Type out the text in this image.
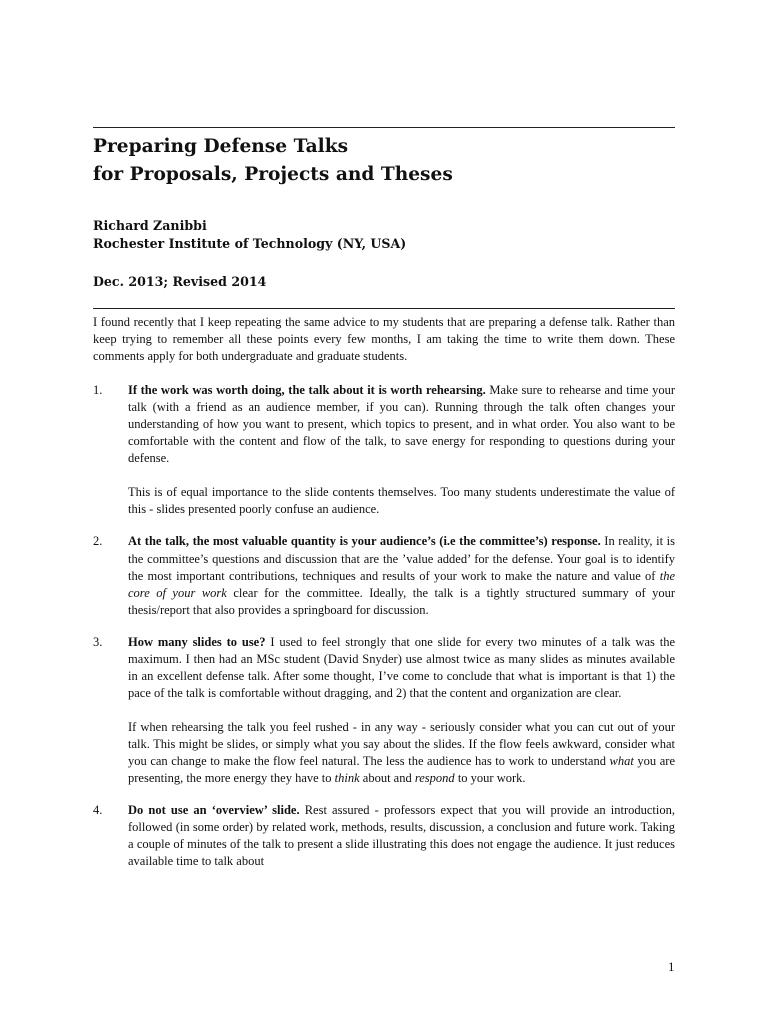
Preparing Defense Talks
for Proposals, Projects and Theses
Richard Zanibbi
Rochester Institute of Technology (NY, USA)
Dec. 2013; Revised 2014

I found recently that I keep repeating the same advice to my students that are preparing a defense talk. Rather than keep trying to remember all these points every few months, I am taking the time to write them down. These comments apply for both undergraduate and graduate students.

1.	If the work was worth doing, the talk about it is worth rehearsing. Make sure to rehearse and time your talk (with a friend as an audience member, if you can). Running through the talk often changes your understanding of how you want to present, which topics to present, and in what order. You also want to be comfortable with the content and flow of the talk, to save energy for responding to questions during your defense.

This is of equal importance to the slide contents themselves. Too many students underestimate the value of this - slides presented poorly confuse an audience.

2.	At the talk, the most valuable quantity is your audience’s (i.e the committee’s) response. In reality, it is the committee’s questions and discussion that are the ’value added’ for the defense. Your goal is to identify the most important contributions, techniques and results of your work to make the nature and value of the core of your work clear for the committee. Ideally, the talk is a tightly structured summary of your thesis/report that also provides a springboard for discussion.

3.	How many slides to use? I used to feel strongly that one slide for every two minutes of a talk was the maximum. I then had an MSc student (David Snyder) use almost twice as many slides as minutes available in an excellent defense talk. After some thought, I’ve come to conclude that what is important is that 1) the pace of the talk is comfortable without dragging, and 2) that the content and organization are clear.

If when rehearsing the talk you feel rushed - in any way - seriously consider what you can cut out of your talk. This might be slides, or simply what you say about the slides. If the flow feels awkward, consider what you can change to make the flow feel natural. The less the audience has to work to understand what you are presenting, the more energy they have to think about and respond to your work.

4.	Do not use an ‘overview’ slide. Rest assured - professors expect that you will provide an introduction, followed (in some order) by related work, methods, results, discussion, a conclusion and future work. Taking a couple of minutes of the talk to present a slide illustrating this does not engage the audience. It just reduces available time to talk about

1
